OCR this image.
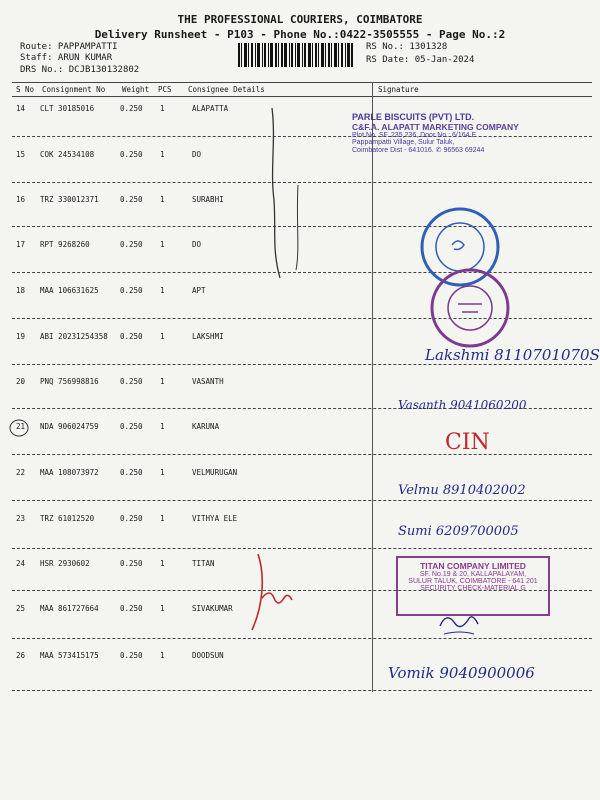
THE PROFESSIONAL COURIERS, COIMBATORE
Delivery Runsheet - P103 - Phone No.:0422-3505555 - Page No.:2
Route: PAPPAMPATTI
Staff: ARUN KUMAR
DRS No.: DCJB130132802
RS No.: 1301328
RS Date: 05-Jan-2024
S No Consignment No Weight PCS Consignee Details	Signature
14 CLT 30185016	0.250 1	ALAPATTA
15 COK 24534108	0.250 1	DO
16 TRZ 330012371	0.250 1	SURABHI
17 RPT 9268260	0.250 1	DO
18 MAA 106631625	0.250 1	APT
19 ABI 20231254358 0.250 1	LAKSHMI
20 PNQ 756998816	0.250 1	VASANTH
21 NDA 906024759	0.250 1	KARUNA
22 MAA 108073972	0.250 1	VELMURUGAN
23 TRZ 61012520	0.250 1	VITHYA ELE
24 HSR 2930602	0.250 1	TITAN
25 MAA 861727664	0.250 1	SIVAKUMAR
26 MAA 573415175	0.250 1	DOODSUN
PARLE BISCUITS (PVT) LTD.
C&F.A. ALAPATT MARKETING COMPANY
Plot No. SF. 235,236, Door No.: 6/164 E
Pappampatti Village, Sulur Taluk,
Coimbatore Dist - 641016. ✆ 96563 69244
Lakshmi 8110701070S
Vasanth 9041060200
CIN
Velmu 8910402002
Sumi 6209700005
Vomik 9040900006
TITAN COMPANY LIMITED
SF. No.19 & 20, KALLAPALAYAM,
SULUR TALUK, COIMBATORE - 641 201
SECURITY CHECK-MATERIAL G
